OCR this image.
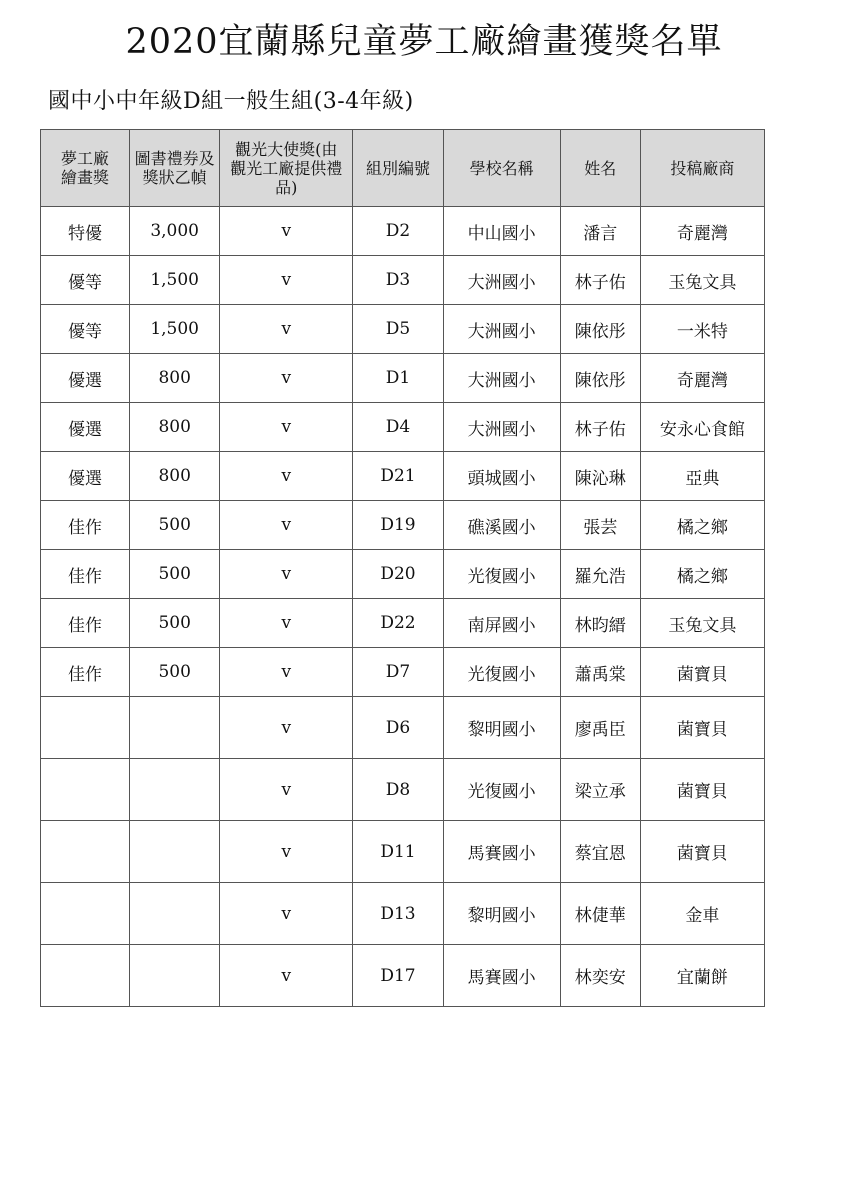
2020宜蘭縣兒童夢工廠繪畫獲獎名單
國中小中年級D組一般生組(3-4年級)
夢工廠繪畫獎	圖書禮券及獎狀乙幀	觀光大使獎(由觀光工廠提供禮品)	組別編號	學校名稱	姓名	投稿廠商

特優	3,000	v	D2	中山國小	潘言	奇麗灣
優等	1,500	v	D3	大洲國小	林子佑	玉兔文具
優等	1,500	v	D5	大洲國小	陳依彤	一米特
優選	800	v	D1	大洲國小	陳依彤	奇麗灣
優選	800	v	D4	大洲國小	林子佑	安永心食館
優選	800	v	D21	頭城國小	陳沁琳	亞典
佳作	500	v	D19	礁溪國小	張芸	橘之鄉
佳作	500	v	D20	光復國小	羅允浩	橘之鄉
佳作	500	v	D22	南屏國小	林昀縉	玉兔文具
佳作	500	v	D7	光復國小	蕭禹棠	菌寶貝
		v	D6	黎明國小	廖禹臣	菌寶貝
		v	D8	光復國小	梁立承	菌寶貝
		v	D11	馬賽國小	蔡宜恩	菌寶貝
		v	D13	黎明國小	林倢華	金車
		v	D17	馬賽國小	林奕安	宜蘭餅
